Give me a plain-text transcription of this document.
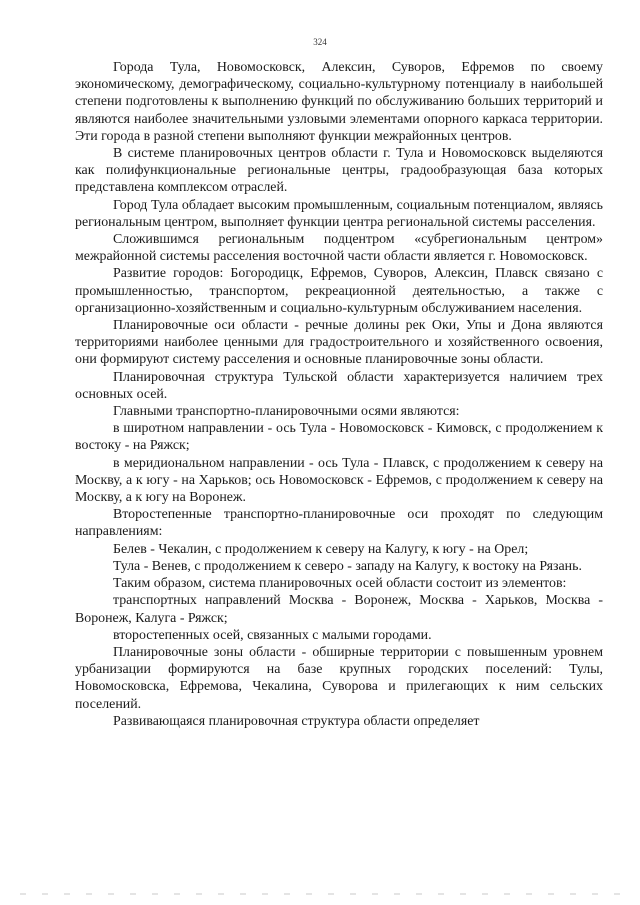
324

Города Тула, Новомосковск, Алексин, Суворов, Ефремов по своему экономическому, демографическому, социально-культурному потенциалу в наибольшей степени подготовлены к выполнению функций по обслуживанию больших территорий и являются наиболее значительными узловыми элементами опорного каркаса территории. Эти города в разной степени выполняют функции межрайонных центров.

В системе планировочных центров области г. Тула и Новомосковск выделяются как полифункциональные региональные центры, градообразующая база которых представлена комплексом отраслей.

Город Тула обладает высоким промышленным, социальным потенциалом, являясь региональным центром, выполняет функции центра региональной системы расселения.

Сложившимся региональным подцентром «субрегиональным центром» межрайонной системы расселения восточной части области является г. Новомосковск.

Развитие городов: Богородицк, Ефремов, Суворов, Алексин, Плавск связано с промышленностью, транспортом, рекреационной деятельностью, а также с организационно-хозяйственным и социально-культурным обслуживанием населения.

Планировочные оси области - речные долины рек Оки, Упы и Дона являются территориями наиболее ценными для градостроительного и хозяйственного освоения, они формируют систему расселения и основные планировочные зоны области.

Планировочная структура Тульской области характеризуется наличием трех основных осей.

Главными транспортно-планировочными осями являются:

в широтном направлении - ось Тула - Новомосковск - Кимовск, с продолжением к востоку - на Ряжск;

в меридиональном направлении - ось Тула - Плавск, с продолжением к северу на Москву, а к югу - на Харьков; ось Новомосковск - Ефремов, с продолжением к северу на Москву, а к югу на Воронеж.

Второстепенные транспортно-планировочные оси проходят по следующим направлениям:

Белев - Чекалин, с продолжением к северу на Калугу, к югу - на Орел;

Тула - Венев, с продолжением к северо - западу на Калугу, к востоку на Рязань.

Таким образом, система планировочных осей области состоит из элементов:

транспортных направлений Москва - Воронеж, Москва - Харьков, Москва - Воронеж, Калуга - Ряжск;

второстепенных осей, связанных с малыми городами.

Планировочные зоны области - обширные территории с повышенным уровнем урбанизации формируются на базе крупных городских поселений: Тулы, Новомосковска, Ефремова, Чекалина, Суворова и прилегающих к ним сельских поселений.

Развивающаяся планировочная структура области определяет
